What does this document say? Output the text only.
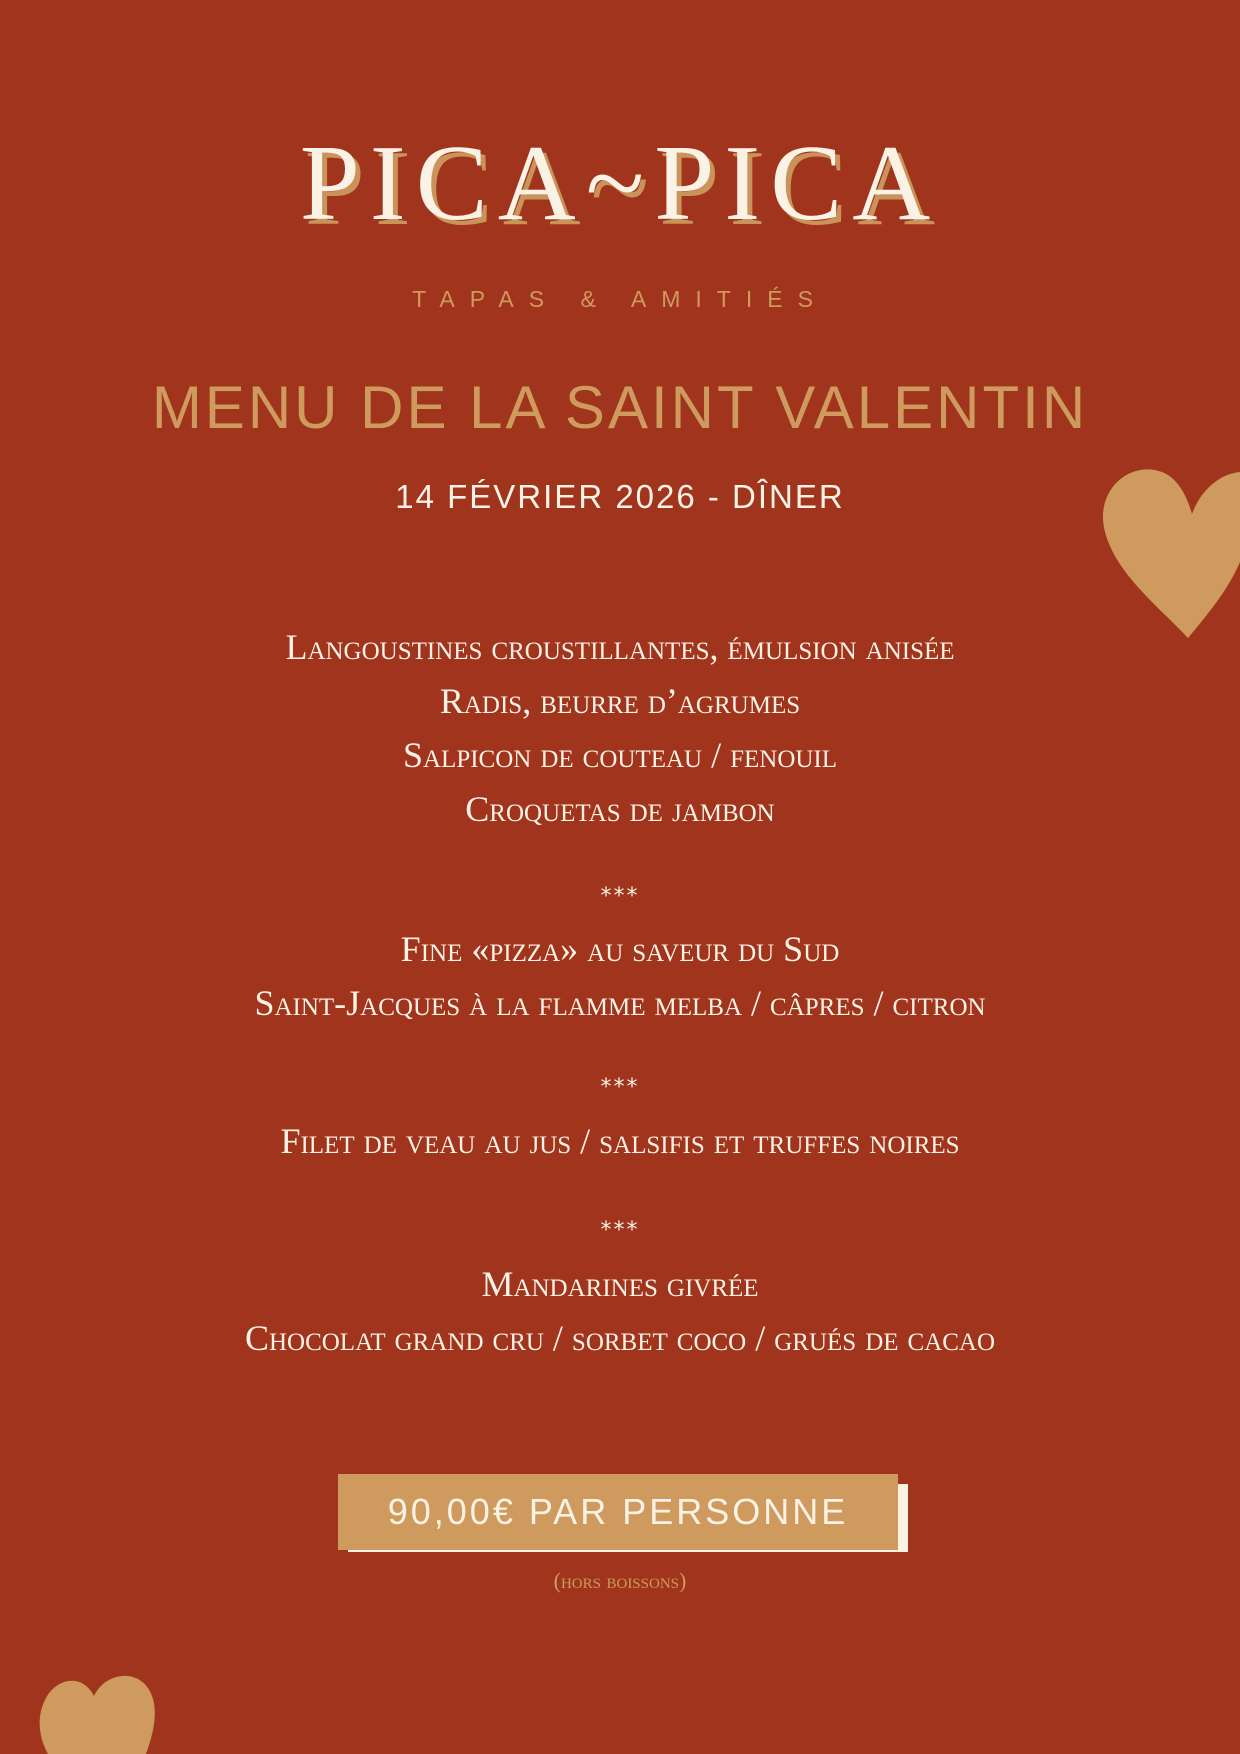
PICA~PICA
TAPAS & AMITIÉS
MENU DE LA SAINT VALENTIN
14 FÉVRIER 2026 - DÎNER
Langoustines croustillantes, émulsion anisée
Radis, beurre d’agrumes
Salpicon de couteau / fenouil
Croquetas de jambon
***
Fine «pizza» au saveur du Sud
Saint-Jacques à la flamme melba / câpres / citron
***
Filet de veau au jus / salsifis et truffes noires
***
Mandarines givrée
Chocolat grand cru / sorbet coco / grués de cacao
90,00€ PAR PERSONNE
(hors boissons)
